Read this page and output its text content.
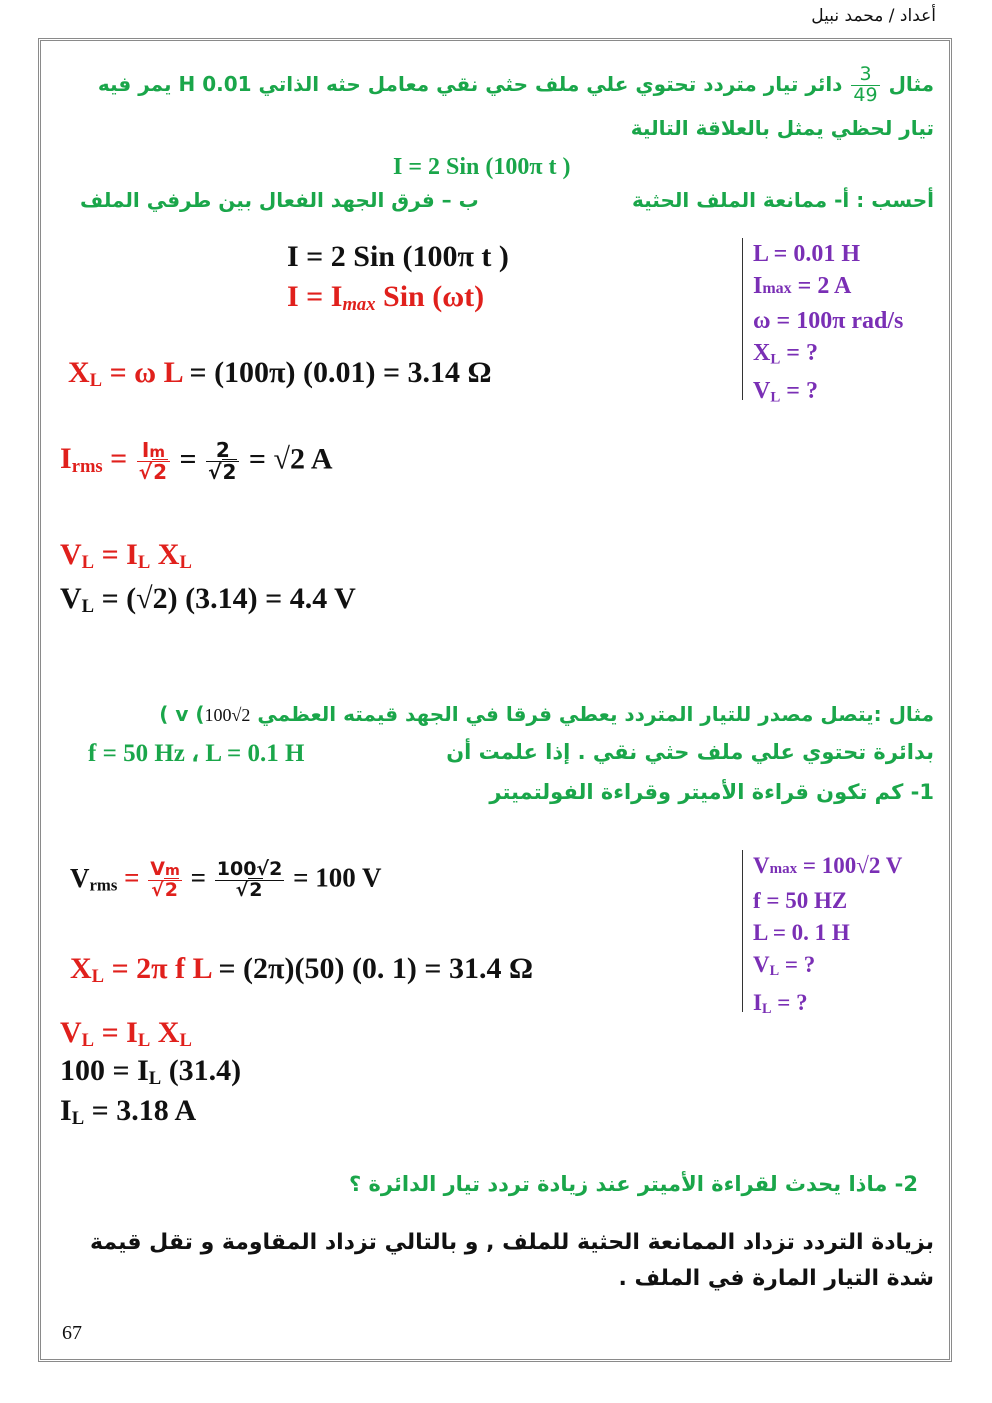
أعداد / محمد نبيل
مثال
$\frac{3}{49}$
دائر تيار متردد تحتوي علي ملف حثي نقي معامل حثه الذاتي H 0.01 يمر فيه
تيار لحظي يمثل بالعلاقة التالية
I = 2 Sin (100π t )
أحسب : أ- ممانعة الملف الحثية
ب – فرق الجهد الفعال بين طرفي الملف
I = 2 Sin (100π t )
$I = I_{max}$ Sin (ωt)
L = 0.01 H
Imax = 2 A
ω = 100π rad/s
$X_L$ = ?
$V_L$ = ?
$X_L = \omega$ L = (100π) (0.01) = 3.14 Ω
$I_{rms} = \frac{Im}{√2} = \frac{2}{√2} = √2$ A
$V_L = I_L$ $X_L$
$V_L = (√2) (3.14) = 4.4$ V
مثال :يتصل مصدر للتيار المتردد يعطي فرقا في الجهد قيمته العظمي v (100√2 )
بدائرة تحتوي علي ملف حثي نقي . إذا علمت أن
f = 50 Hz ، L = 0.1 H
1- كم تكون قراءة الأميتر وقراءة الفولتميتر
Vmax = 100√2 V
f = 50 HZ
L = 0. 1 H
$V_L$ = ?
$I_L$ = ?
$V_{rms} = \frac{Vm}{√2} = \frac{100√2}{√2} = 100$ V
$X_L = 2\pi$ f L = (2π)(50) (0. 1) = 31.4 Ω
$V_L = I_L$ $X_L$
$100 = I_L$ (31.4)
$I_L = 3.18$ A
2- ماذا يحدث لقراءة الأميتر عند زيادة تردد تيار الدائرة ؟
بزيادة التردد تزداد الممانعة الحثية للملف , و بالتالي تزداد المقاومة و تقل قيمة
شدة التيار المارة في الملف .
67
